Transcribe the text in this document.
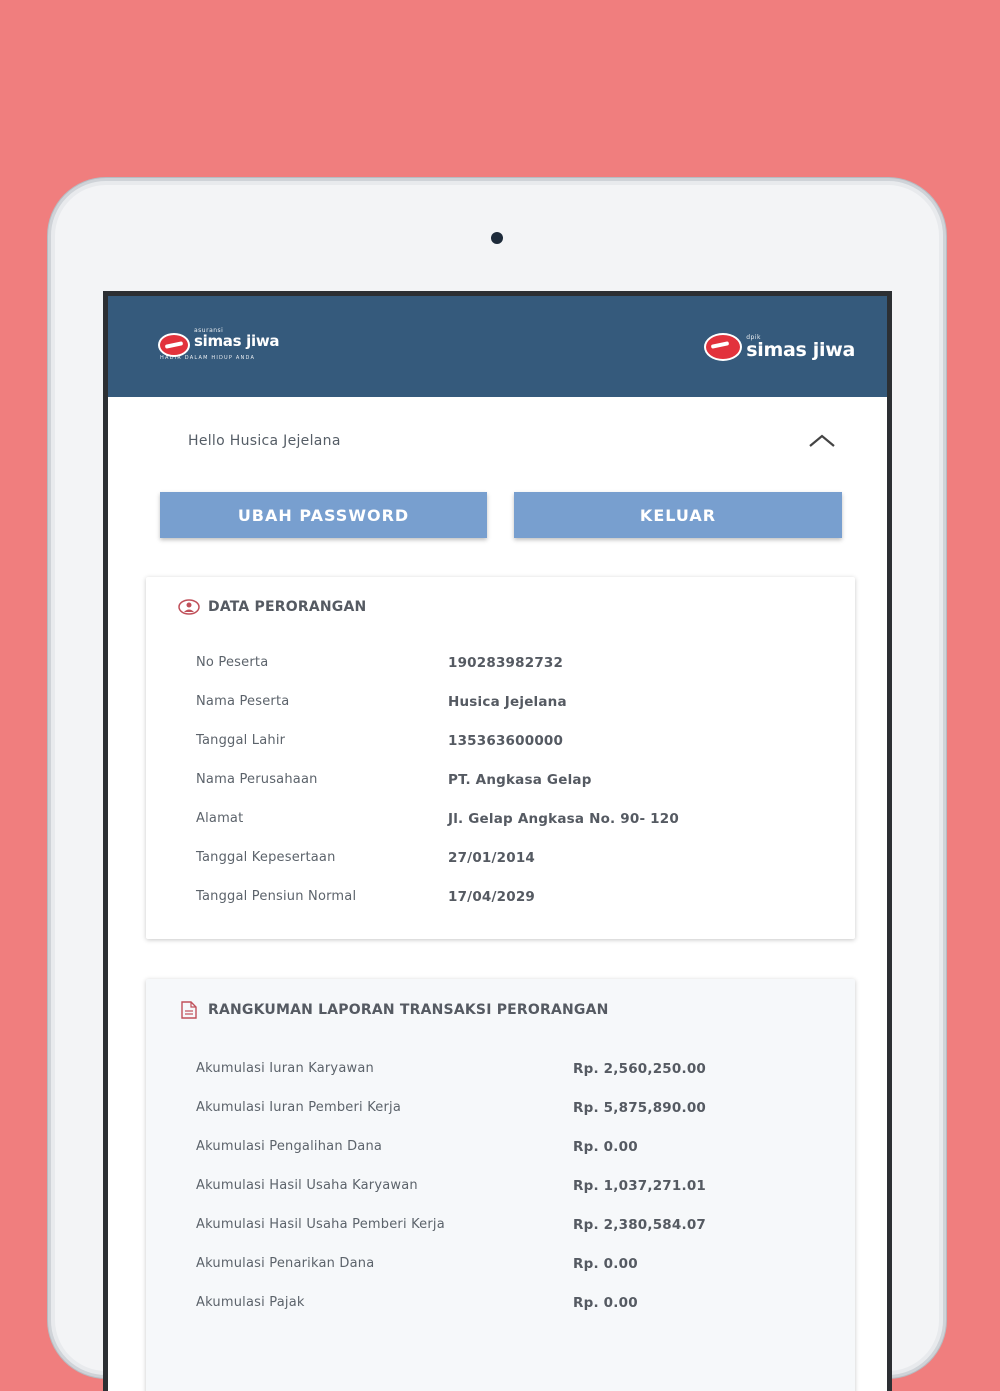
asuransi
simas jiwa
HADIR DALAM HIDUP ANDA
dpik
simas jiwa
Hello Husica Jejelana
UBAH PASSWORD	KELUAR
DATA PERORANGAN
No Peserta	190283982732
Nama Peserta	Husica Jejelana
Tanggal Lahir	135363600000
Nama Perusahaan	PT. Angkasa Gelap
Alamat	Jl. Gelap Angkasa No. 90- 120
Tanggal Kepesertaan	27/01/2014
Tanggal Pensiun Normal	17/04/2029
RANGKUMAN LAPORAN TRANSAKSI PERORANGAN
Akumulasi Iuran Karyawan	Rp. 2,560,250.00
Akumulasi Iuran Pemberi Kerja	Rp. 5,875,890.00
Akumulasi Pengalihan Dana	Rp. 0.00
Akumulasi Hasil Usaha Karyawan	Rp. 1,037,271.01
Akumulasi Hasil Usaha Pemberi Kerja	Rp. 2,380,584.07
Akumulasi Penarikan Dana	Rp. 0.00
Akumulasi Pajak	Rp. 0.00
